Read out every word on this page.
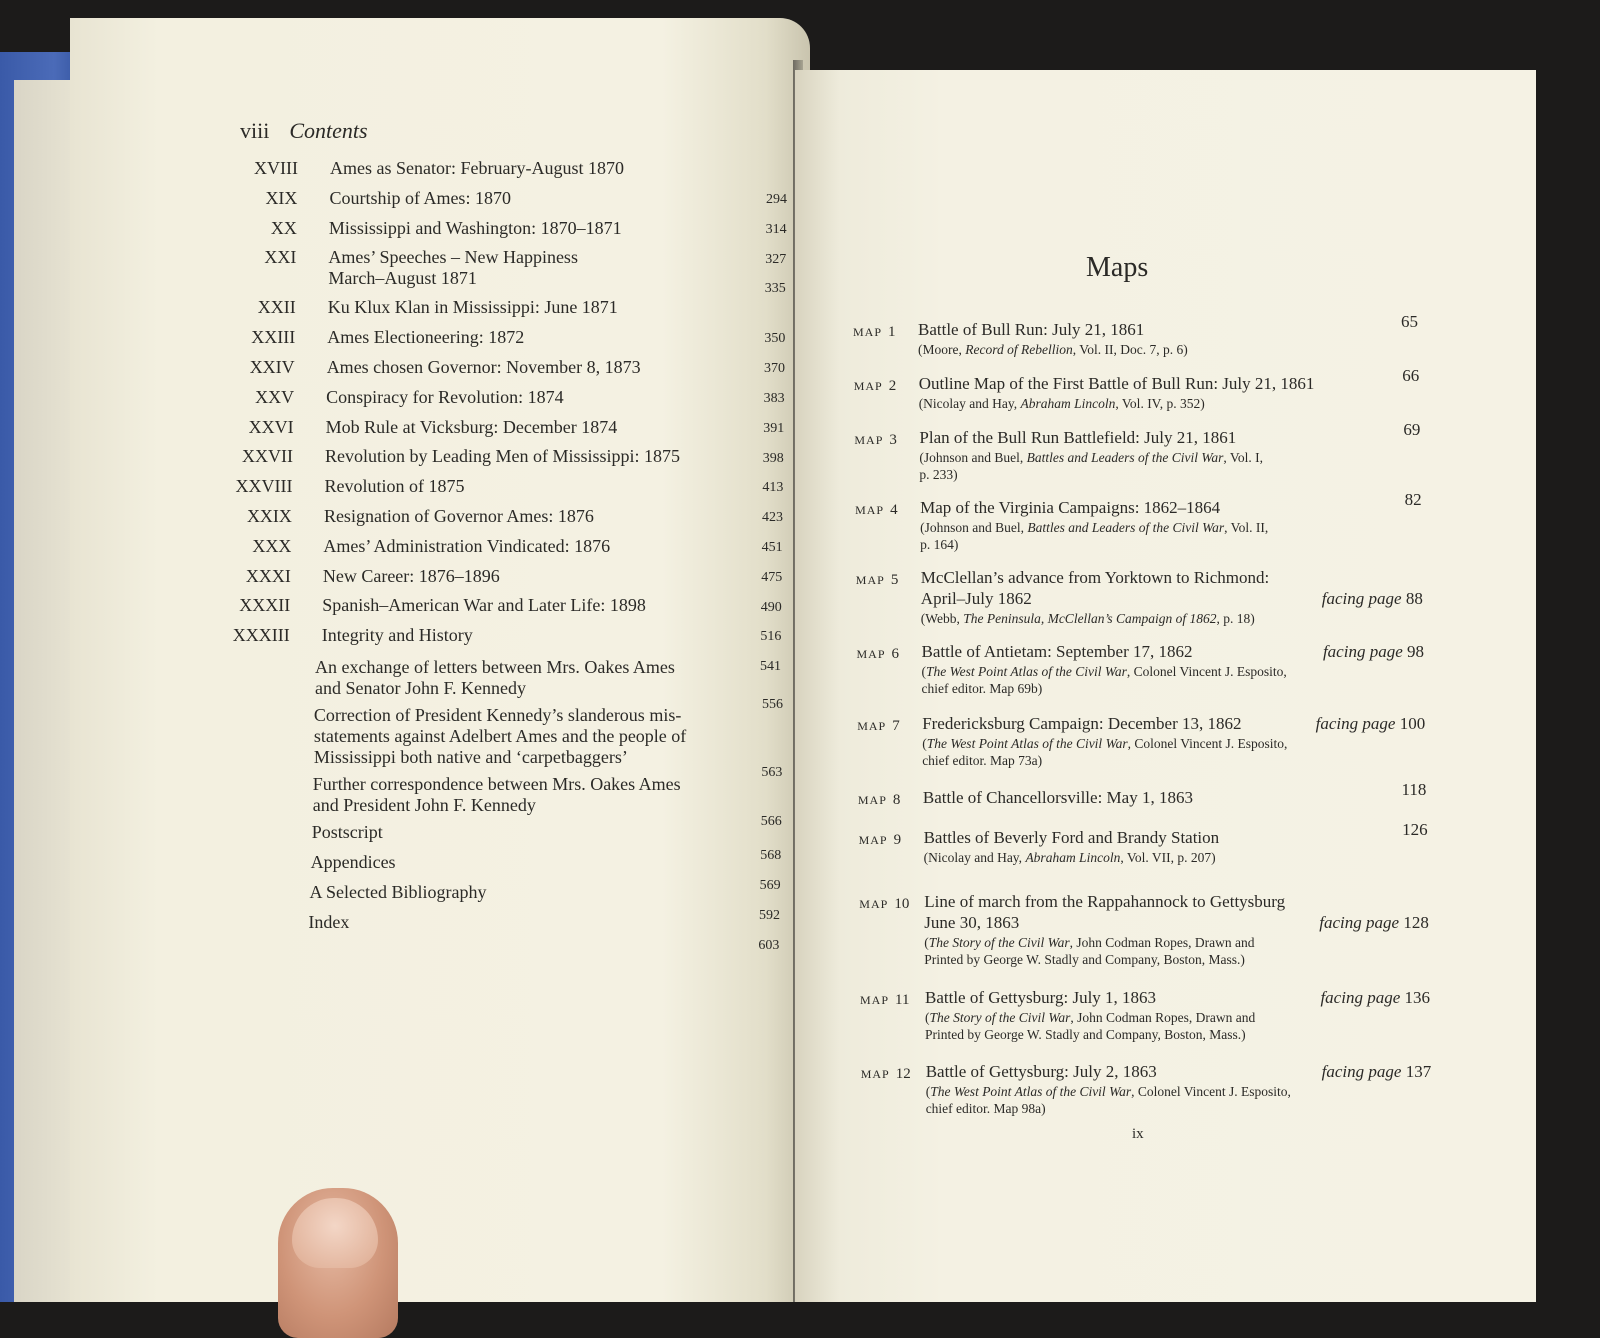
viii Contents
XVIII Ames as Senator: February-August 1870
294
XIX Courtship of Ames: 1870
314
XX Mississippi and Washington: 1870–1871
327
XXI Ames’ Speeches – New Happiness
March–August 1871
335
XXII Ku Klux Klan in Mississippi: June 1871
350
XXIII Ames Electioneering: 1872
370
XXIV Ames chosen Governor: November 8, 1873
383
XXV Conspiracy for Revolution: 1874
391
XXVI Mob Rule at Vicksburg: December 1874
398
XXVII Revolution by Leading Men of Mississippi: 1875
413
XXVIII Revolution of 1875
423
XXIX Resignation of Governor Ames: 1876
451
XXX Ames’ Administration Vindicated: 1876
475
XXXI New Career: 1876–1896
490
XXXII Spanish–American War and Later Life: 1898
516
XXXIII Integrity and History
541
An exchange of letters between Mrs. Oakes Ames
and Senator John F. Kennedy
556
Correction of President Kennedy’s slanderous mis-
statements against Adelbert Ames and the people of
Mississippi both native and ‘carpetbaggers’
563
Further correspondence between Mrs. Oakes Ames
and President John F. Kennedy
566
Postscript
568
Appendices
569
A Selected Bibliography
592
Index
603
Maps
MAP 1 Battle of Bull Run: July 21, 1861
(Moore, Record of Rebellion, Vol. II, Doc. 7, p. 6)
65
MAP 2 Outline Map of the First Battle of Bull Run: July 21, 1861
(Nicolay and Hay, Abraham Lincoln, Vol. IV, p. 352)
66
MAP 3 Plan of the Bull Run Battlefield: July 21, 1861
(Johnson and Buel, Battles and Leaders of the Civil War, Vol. I,
p. 233)
69
MAP 4 Map of the Virginia Campaigns: 1862–1864
(Johnson and Buel, Battles and Leaders of the Civil War, Vol. II,
p. 164)
82
MAP 5 McClellan’s advance from Yorktown to Richmond:
April–July 1862
(Webb, The Peninsula, McClellan’s Campaign of 1862, p. 18)
facing page 88
MAP 6 Battle of Antietam: September 17, 1862
(The West Point Atlas of the Civil War, Colonel Vincent J. Esposito,
chief editor. Map 69b)
facing page 98
MAP 7 Fredericksburg Campaign: December 13, 1862
(The West Point Atlas of the Civil War, Colonel Vincent J. Esposito,
chief editor. Map 73a)
facing page 100
MAP 8 Battle of Chancellorsville: May 1, 1863	118
MAP 9 Battles of Beverly Ford and Brandy Station
(Nicolay and Hay, Abraham Lincoln, Vol. VII, p. 207)
126
MAP 10 Line of march from the Rappahannock to Gettysburg
June 30, 1863
(The Story of the Civil War, John Codman Ropes, Drawn and
Printed by George W. Stadly and Company, Boston, Mass.)
facing page 128
MAP 11 Battle of Gettysburg: July 1, 1863
(The Story of the Civil War, John Codman Ropes, Drawn and
Printed by George W. Stadly and Company, Boston, Mass.)
facing page 136
MAP 12 Battle of Gettysburg: July 2, 1863
(The West Point Atlas of the Civil War, Colonel Vincent J. Esposito,
chief editor. Map 98a)
facing page 137
ix
